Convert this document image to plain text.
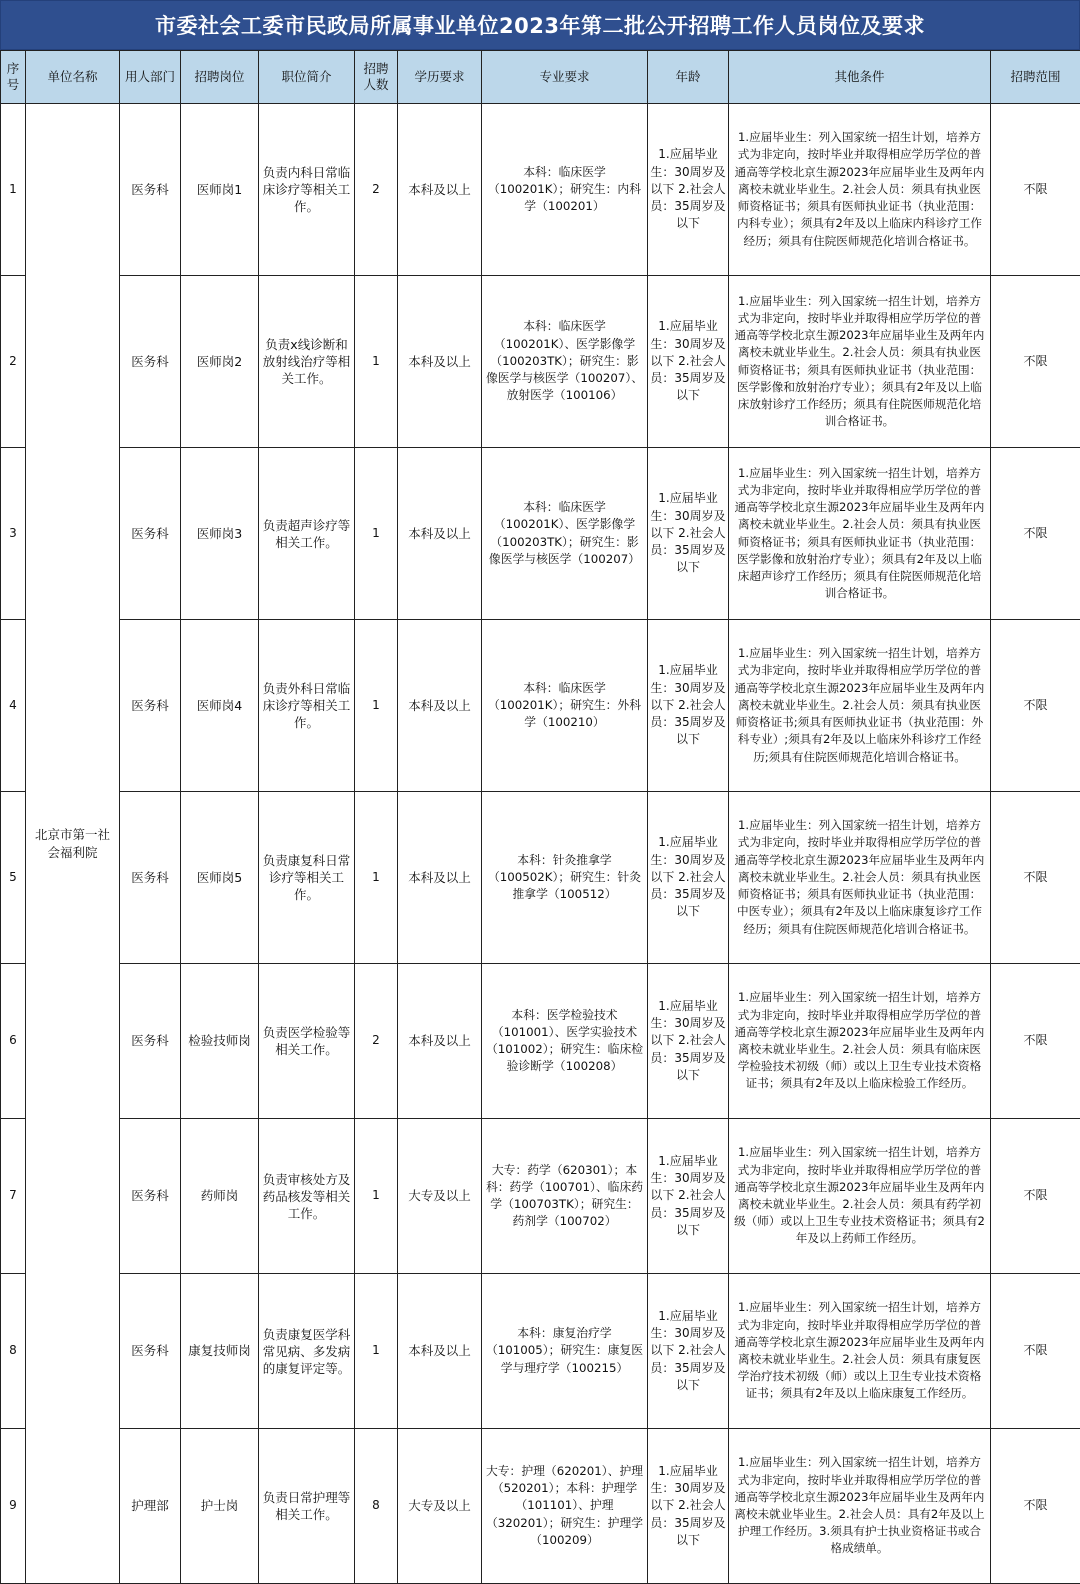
市委社会工委市民政局所属事业单位2023年第二批公开招聘工作人员岗位及要求
序号	单位名称	用人部门	招聘岗位	职位简介	招聘人数	学历要求	专业要求	年龄	其他条件	招聘范围
1	北京市第一社会福利院	医务科	医师岗1	负责内科日常临床诊疗等相关工作。	2	本科及以上	本科：临床医学（100201K）；研究生：内科学（100201）	1.应届毕业生：30周岁及以下 2.社会人员：35周岁及以下	1.应届毕业生：列入国家统一招生计划，培养方式为非定向，按时毕业并取得相应学历学位的普通高等学校北京生源2023年应届毕业生及两年内离校未就业毕业生。2.社会人员：须具有执业医师资格证书；须具有医师执业证书（执业范围：内科专业）；须具有2年及以上临床内科诊疗工作经历；须具有住院医师规范化培训合格证书。	不限
2		医务科	医师岗2	负责x线诊断和放射线治疗等相关工作。	1	本科及以上	本科：临床医学（100201K）、医学影像学（100203TK）；研究生：影像医学与核医学（100207）、放射医学（100106）	1.应届毕业生：30周岁及以下 2.社会人员：35周岁及以下	1.应届毕业生：列入国家统一招生计划，培养方式为非定向，按时毕业并取得相应学历学位的普通高等学校北京生源2023年应届毕业生及两年内离校未就业毕业生。2.社会人员：须具有执业医师资格证书；须具有医师执业证书（执业范围：医学影像和放射治疗专业）；须具有2年及以上临床放射诊疗工作经历；须具有住院医师规范化培训合格证书。	不限
3		医务科	医师岗3	负责超声诊疗等相关工作。	1	本科及以上	本科：临床医学（100201K）、医学影像学（100203TK）；研究生：影像医学与核医学（100207）	1.应届毕业生：30周岁及以下 2.社会人员：35周岁及以下	1.应届毕业生：列入国家统一招生计划，培养方式为非定向，按时毕业并取得相应学历学位的普通高等学校北京生源2023年应届毕业生及两年内离校未就业毕业生。2.社会人员：须具有执业医师资格证书；须具有医师执业证书（执业范围：医学影像和放射治疗专业）；须具有2年及以上临床超声诊疗工作经历；须具有住院医师规范化培训合格证书。	不限
4		医务科	医师岗4	负责外科日常临床诊疗等相关工作。	1	本科及以上	本科：临床医学（100201K）；研究生：外科学（100210）	1.应届毕业生：30周岁及以下 2.社会人员：35周岁及以下	1.应届毕业生：列入国家统一招生计划，培养方式为非定向，按时毕业并取得相应学历学位的普通高等学校北京生源2023年应届毕业生及两年内离校未就业毕业生。2.社会人员：须具有执业医师资格证书;须具有医师执业证书（执业范围：外科专业）;须具有2年及以上临床外科诊疗工作经历;须具有住院医师规范化培训合格证书。	不限
5		医务科	医师岗5	负责康复科日常诊疗等相关工作。	1	本科及以上	本科：针灸推拿学（100502K）；研究生：针灸推拿学（100512）	1.应届毕业生：30周岁及以下 2.社会人员：35周岁及以下	1.应届毕业生：列入国家统一招生计划，培养方式为非定向，按时毕业并取得相应学历学位的普通高等学校北京生源2023年应届毕业生及两年内离校未就业毕业生。2.社会人员：须具有执业医师资格证书；须具有医师执业证书（执业范围：中医专业）；须具有2年及以上临床康复诊疗工作经历；须具有住院医师规范化培训合格证书。	不限
6		医务科	检验技师岗	负责医学检验等相关工作。	2	本科及以上	本科：医学检验技术（101001）、医学实验技术（101002）；研究生：临床检验诊断学（100208）	1.应届毕业生：30周岁及以下 2.社会人员：35周岁及以下	1.应届毕业生：列入国家统一招生计划，培养方式为非定向，按时毕业并取得相应学历学位的普通高等学校北京生源2023年应届毕业生及两年内离校未就业毕业生。2.社会人员：须具有临床医学检验技术初级（师）或以上卫生专业技术资格证书；须具有2年及以上临床检验工作经历。	不限
7		医务科	药师岗	负责审核处方及药品核发等相关工作。	1	大专及以上	大专：药学（620301）；本科：药学（100701）、临床药学（100703TK）；研究生：药剂学（100702）	1.应届毕业生：30周岁及以下 2.社会人员：35周岁及以下	1.应届毕业生：列入国家统一招生计划，培养方式为非定向，按时毕业并取得相应学历学位的普通高等学校北京生源2023年应届毕业生及两年内离校未就业毕业生。2.社会人员：须具有药学初级（师）或以上卫生专业技术资格证书；须具有2年及以上药师工作经历。	不限
8		医务科	康复技师岗	负责康复医学科常见病、多发病的康复评定等。	1	本科及以上	本科：康复治疗学（101005）；研究生：康复医学与理疗学（100215）	1.应届毕业生：30周岁及以下 2.社会人员：35周岁及以下	1.应届毕业生：列入国家统一招生计划，培养方式为非定向，按时毕业并取得相应学历学位的普通高等学校北京生源2023年应届毕业生及两年内离校未就业毕业生。2.社会人员：须具有康复医学治疗技术初级（师）或以上卫生专业技术资格证书；须具有2年及以上临床康复工作经历。	不限
9		护理部	护士岗	负责日常护理等相关工作。	8	大专及以上	大专：护理（620201）、护理（520201）；本科：护理学（101101）、护理（320201）；研究生：护理学（100209）	1.应届毕业生：30周岁及以下 2.社会人员：35周岁及以下	1.应届毕业生：列入国家统一招生计划，培养方式为非定向，按时毕业并取得相应学历学位的普通高等学校北京生源2023年应届毕业生及两年内离校未就业毕业生。2.社会人员：具有2年及以上护理工作经历。3.须具有护士执业资格证书或合格成绩单。	不限
